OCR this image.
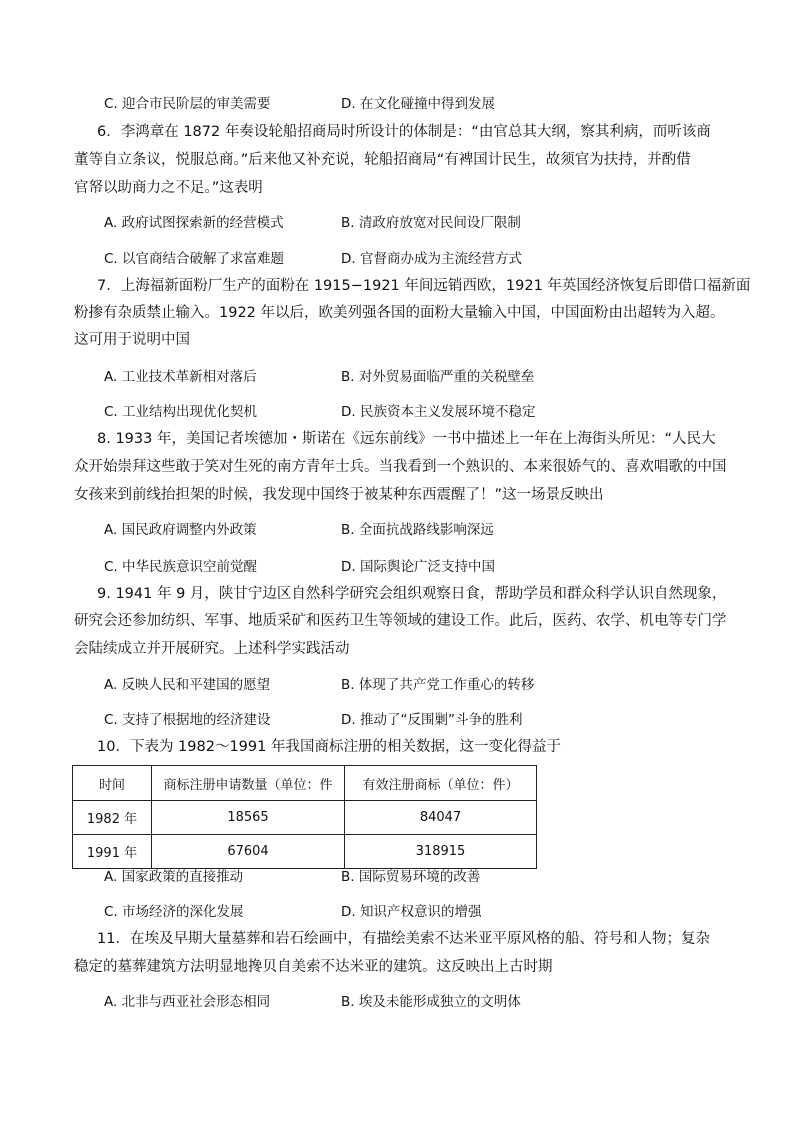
C. 迎合市民阶层的审美需要	D. 在文化碰撞中得到发展
6．李鸿章在 1872 年奏设轮船招商局时所设计的体制是：“由官总其大纲，察其利病，而听该商
董等自立条议，悦服总商。”后来他又补充说，轮船招商局“有裨国计民生，故须官为扶持，并酌借
官帑以助商力之不足。”这表明
A. 政府试图探索新的经营模式	B. 清政府放宽对民间设厂限制
C. 以官商结合破解了求富难题	D. 官督商办成为主流经营方式
7．上海福新面粉厂生产的面粉在 1915−1921 年间远销西欧，1921 年英国经济恢复后即借口福新面
粉掺有杂质禁止输入。1922 年以后，欧美列强各国的面粉大量输入中国，中国面粉由出超转为入超。
这可用于说明中国
A. 工业技术革新相对落后	B. 对外贸易面临严重的关税壁垒
C. 工业结构出现优化契机	D. 民族资本主义发展环境不稳定
8. 1933 年，美国记者埃德加・斯诺在《远东前线》一书中描述上一年在上海街头所见：“人民大
众开始崇拜这些敢于笑对生死的南方青年士兵。当我看到一个熟识的、本来很娇气的、喜欢唱歌的中国
女孩来到前线抬担架的时候，我发现中国终于被某种东西震醒了！”这一场景反映出
A. 国民政府调整内外政策	B. 全面抗战路线影响深远
C. 中华民族意识空前觉醒	D. 国际舆论广泛支持中国
9. 1941 年 9 月，陕甘宁边区自然科学研究会组织观察日食，帮助学员和群众科学认识自然现象，
研究会还参加纺织、军事、地质采矿和医药卫生等领域的建设工作。此后，医药、农学、机电等专门学
会陆续成立并开展研究。上述科学实践活动
A. 反映人民和平建国的愿望	B. 体现了共产党工作重心的转移
C. 支持了根据地的经济建设	D. 推动了“反围剿”斗争的胜利
10．下表为 1982～1991 年我国商标注册的相关数据，这一变化得益于
时间	商标注册申请数量（单位：件	有效注册商标（单位：件）
1982 年	18565	84047
1991 年	67604	318915
A. 国家政策的直接推动	B. 国际贸易环境的改善
C. 市场经济的深化发展	D. 知识产权意识的增强
11．在埃及早期大量墓葬和岩石绘画中，有描绘美索不达米亚平原风格的船、符号和人物；复杂
稳定的墓葬建筑方法明显地搀贝自美索不达米亚的建筑。这反映出上古时期
A. 北非与西亚社会形态相同	B. 埃及未能形成独立的文明体
